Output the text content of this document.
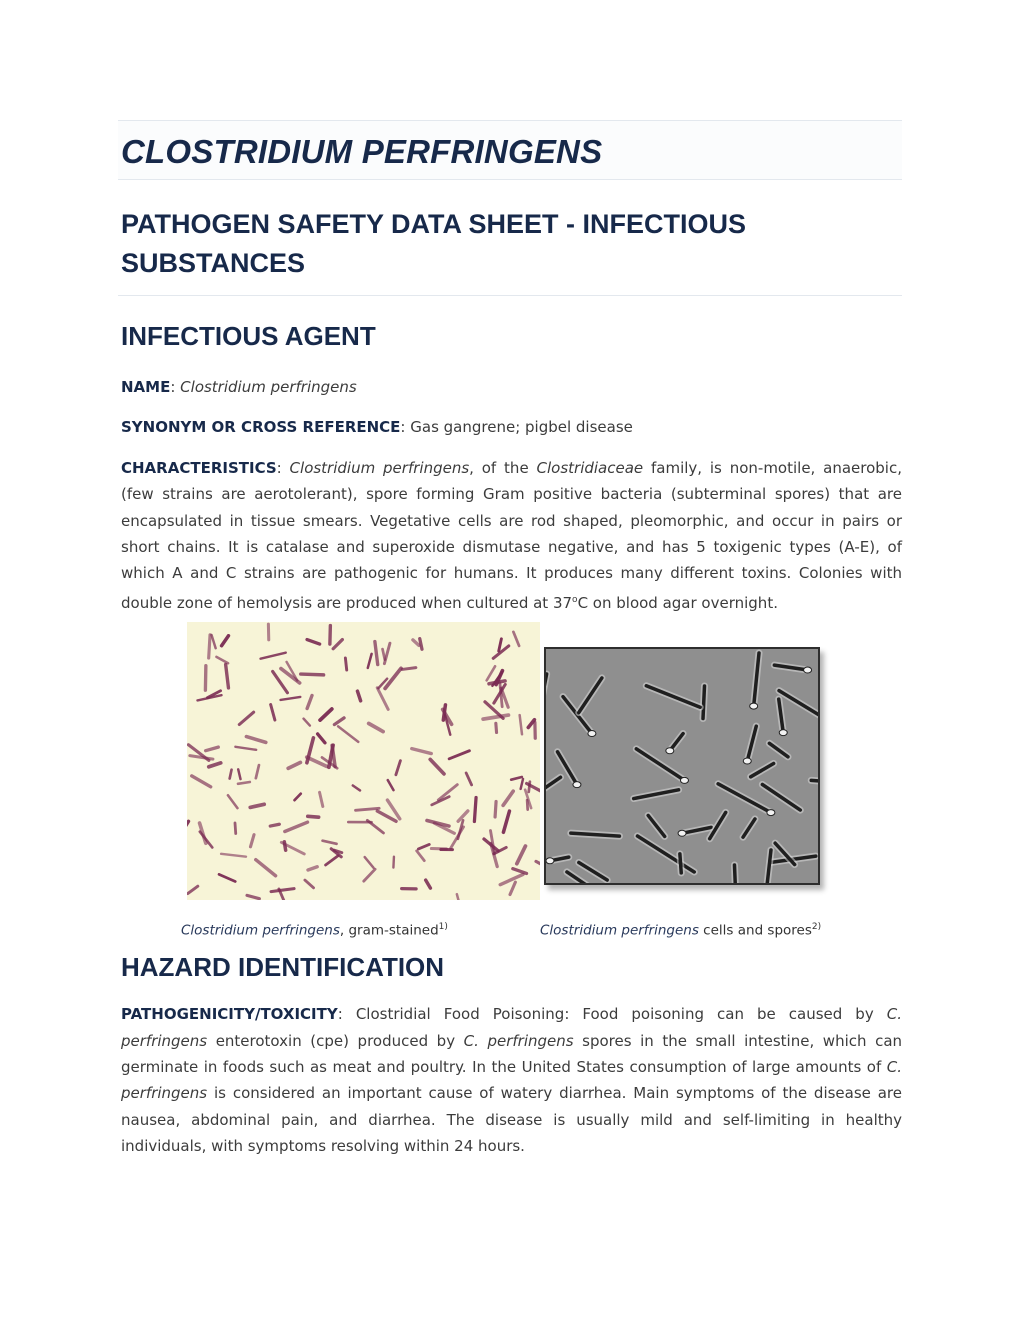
CLOSTRIDIUM PERFRINGENS
PATHOGEN SAFETY DATA SHEET - INFECTIOUS SUBSTANCES
INFECTIOUS AGENT

NAME: Clostridium perfringens

SYNONYM OR CROSS REFERENCE: Gas gangrene; pigbel disease

CHARACTERISTICS: Clostridium perfringens, of the Clostridiaceae family, is non-motile, anaerobic, (few strains are aerotolerant), spore forming Gram positive bacteria (subterminal spores) that are encapsulated in tissue smears. Vegetative cells are rod shaped, pleomorphic, and occur in pairs or short chains. It is catalase and superoxide dismutase negative, and has 5 toxigenic types (A-E), of which A and C strains are pathogenic for humans. It produces many different toxins. Colonies with double zone of hemolysis are produced when cultured at 37$^o$C on blood agar overnight.

Clostridium perfringens, gram-stained$^{1)}$	Clostridium perfringens cells and spores$^{2)}$
HAZARD IDENTIFICATION

PATHOGENICITY/TOXICITY: Clostridial Food Poisoning: Food poisoning can be caused by C. perfringens enterotoxin (cpe) produced by C. perfringens spores in the small intestine, which can germinate in foods such as meat and poultry. In the United States consumption of large amounts of C. perfringens is considered an important cause of watery diarrhea. Main symptoms of the disease are nausea, abdominal pain, and diarrhea. The disease is usually mild and self-limiting in healthy individuals, with symptoms resolving within 24 hours.
